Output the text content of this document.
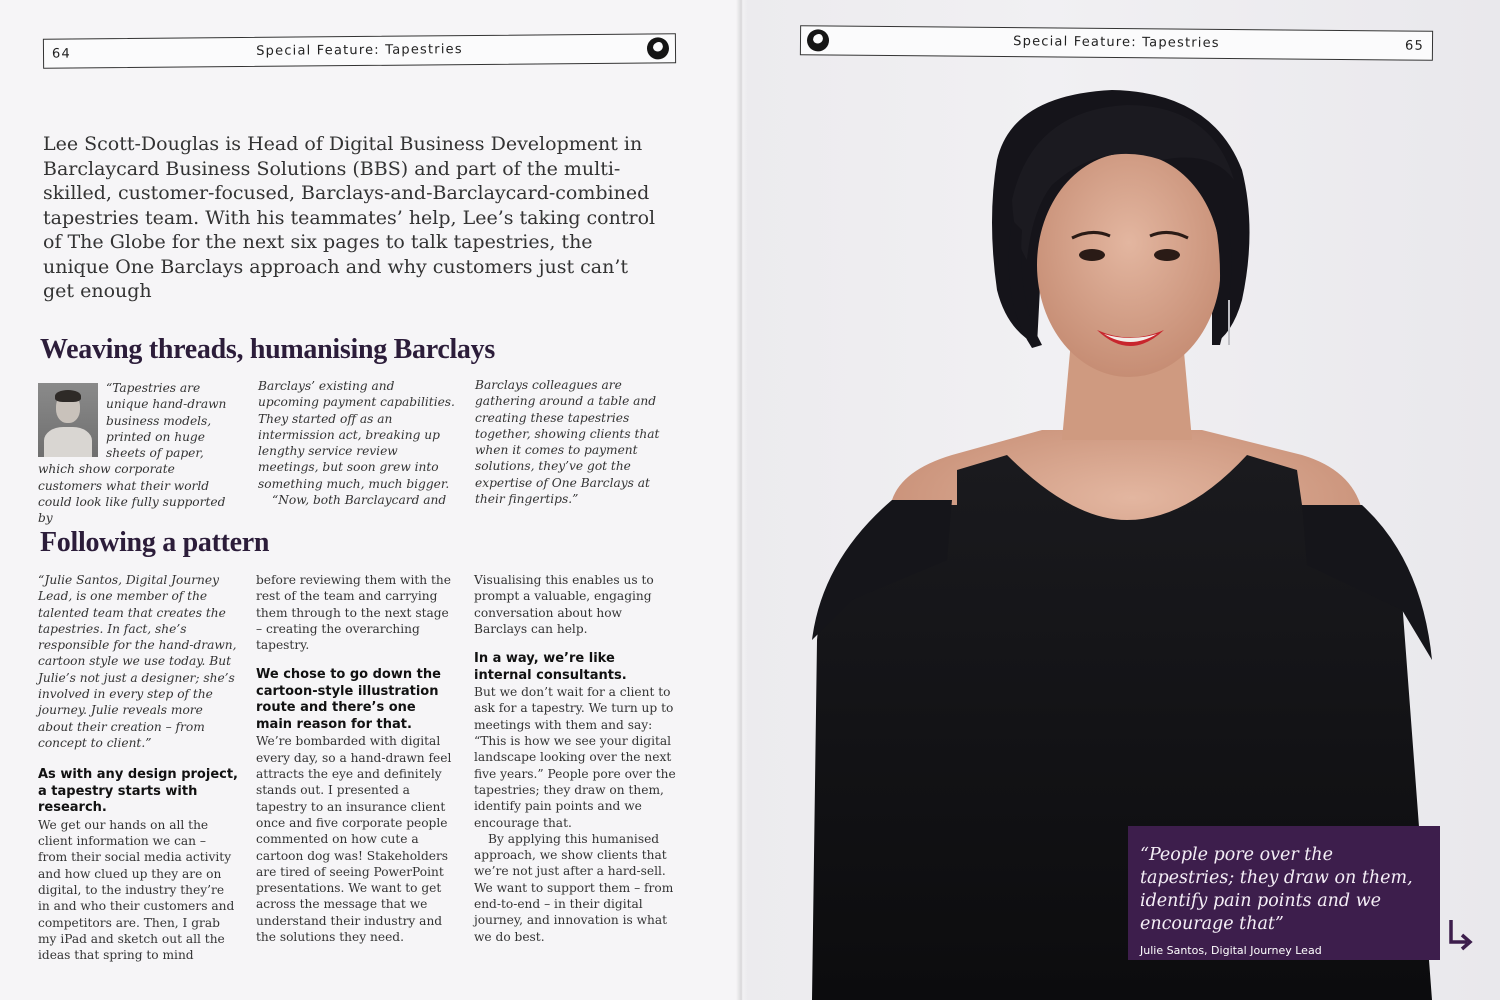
64	Special Feature: Tapestries

Lee Scott-Douglas is Head of Digital Business Development in Barclaycard Business Solutions (BBS) and part of the multi-skilled, customer-focused, Barclays-and-Barclaycard-combined tapestries team. With his teammates’ help, Lee’s taking control of The Globe for the next six pages to talk tapestries, the unique One Barclays approach and why customers just can’t get enough

Weaving threads, humanising Barclays

“Tapestries are unique hand-drawn business models, printed on huge sheets of paper, which show corporate customers what their world could look like fully supported by

Barclays’ existing and upcoming payment capabilities. They started off as an intermission act, breaking up lengthy service review meetings, but soon grew into something much, much bigger.

“Now, both Barclaycard and

Barclays colleagues are gathering around a table and creating these tapestries together, showing clients that when it comes to payment solutions, they’ve got the expertise of One Barclays at their fingertips.”

Following a pattern

“Julie Santos, Digital Journey Lead, is one member of the talented team that creates the tapestries. In fact, she’s responsible for the hand-drawn, cartoon style we use today. But Julie’s not just a designer; she’s involved in every step of the journey. Julie reveals more about their creation – from concept to client.”

As with any design project, a tapestry starts with research.

We get our hands on all the client information we can – from their social media activity and how clued up they are on digital, to the industry they’re in and who their customers and competitors are. Then, I grab my iPad and sketch out all the ideas that spring to mind

before reviewing them with the rest of the team and carrying them through to the next stage – creating the overarching tapestry.

We chose to go down the cartoon-style illustration route and there’s one main reason for that.

We’re bombarded with digital every day, so a hand-drawn feel attracts the eye and definitely stands out. I presented a tapestry to an insurance client once and five corporate people commented on how cute a cartoon dog was! Stakeholders are tired of seeing PowerPoint presentations. We want to get across the message that we understand their industry and the solutions they need.

Visualising this enables us to prompt a valuable, engaging conversation about how Barclays can help.

In a way, we’re like internal consultants.

But we don’t wait for a client to ask for a tapestry. We turn up to meetings with them and say: “This is how we see your digital landscape looking over the next five years.” People pore over the tapestries; they draw on them, identify pain points and we encourage that.

By applying this humanised approach, we show clients that we’re not just after a hard-sell. We want to support them – from end-to-end – in their digital journey, and innovation is what we do best.

Special Feature: Tapestries	65

“People pore over the tapestries; they draw on them, identify pain points and we encourage that”

Julie Santos, Digital Journey Lead
